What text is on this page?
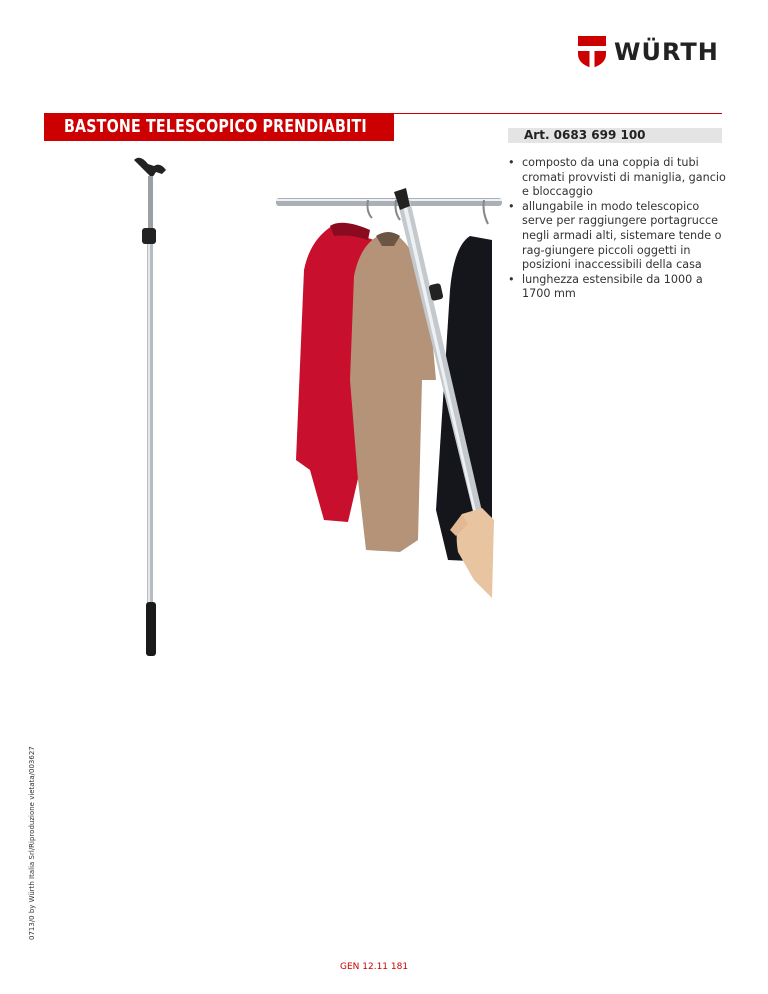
WÜRTH
BASTONE TELESCOPICO PRENDIABITI	Art. 0683 699 100
• composto da una coppia di tubi cromati provvisti di maniglia, gancio e bloccaggio
• allungabile in modo telescopico serve per raggiungere portagrucce negli armadi alti, sistemare tende o rag-giungere piccoli oggetti in posizioni inaccessibili della casa
• lunghezza estensibile da 1000 a 1700 mm
0713/0 by Würth Italia Srl/Riproduzione vietata/003627
GEN 12.11 181
